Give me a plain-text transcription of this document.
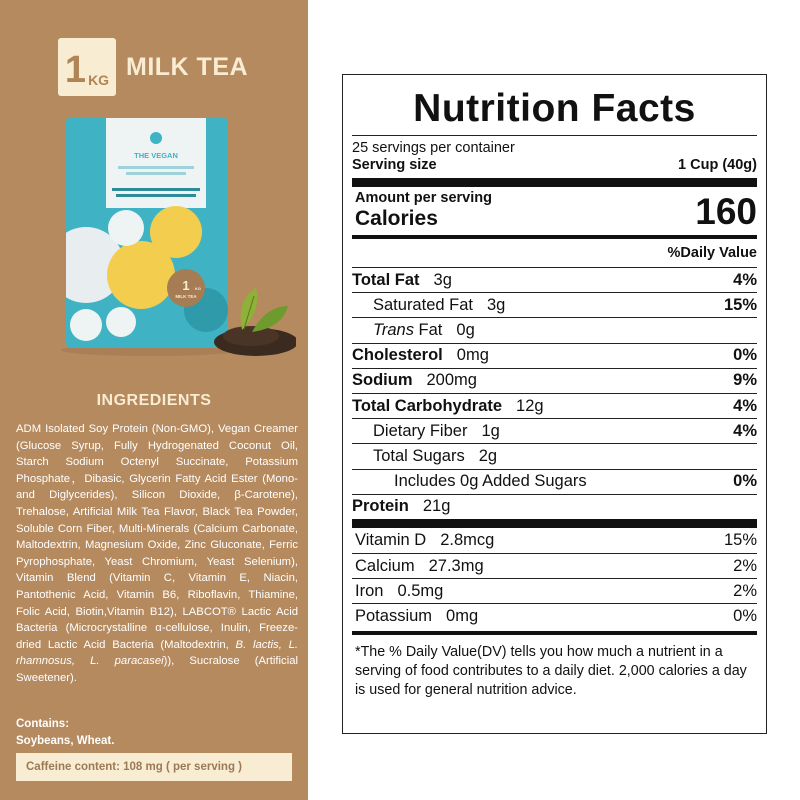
1 KG MILK TEA
THE VEGAN
1 KG
MILK TEA
INGREDIENTS
ADM Isolated Soy Protein (Non-GMO), Vegan Creamer (Glucose Syrup, Fully Hydrogenated Coconut Oil, Starch Sodium Octenyl Succinate, Potassium Phosphate，Dibasic, Glycerin Fatty Acid Ester (Mono-and Diglycerides), Silicon Dioxide, β-Carotene), Trehalose, Artificial Milk Tea Flavor, Black Tea Powder, Soluble Corn Fiber, Multi-Minerals (Calcium Carbonate, Maltodextrin, Magnesium Oxide, Zinc Gluconate, Ferric Pyrophosphate, Yeast Chromium, Yeast Selenium), Vitamin Blend (Vitamin C, Vitamin E, Niacin, Pantothenic Acid, Vitamin B6, Riboflavin, Thiamine, Folic Acid, Biotin,Vitamin B12), LABCOT® Lactic Acid Bacteria (Microcrystalline α-cellulose, Inulin, Freeze-dried Lactic Acid Bacteria (Maltodextrin, B. lactis, L. rhamnosus, L. paracasei)), Sucralose (Artificial Sweetener).
Contains:
Soybeans, Wheat.
Caffeine content: 108 mg ( per serving )
Nutrition Facts
25 servings per container
Serving size	1 Cup (40g)
Amount per serving
Calories	160
%Daily Value
Total Fat 3g	4%
Saturated Fat 3g	15%
Trans Fat 0g
Cholesterol 0mg	0%
Sodium 200mg	9%
Total Carbohydrate 12g	4%
Dietary Fiber 1g	4%
Total Sugars 2g
Includes 0g Added Sugars	0%
Protein 21g
Vitamin D 2.8mcg	15%
Calcium 27.3mg	2%
Iron 0.5mg	2%
Potassium 0mg	0%
*The % Daily Value(DV) tells you how much a nutrient in a serving of food contributes to a daily diet. 2,000 calories a day is used for general nutrition advice.
